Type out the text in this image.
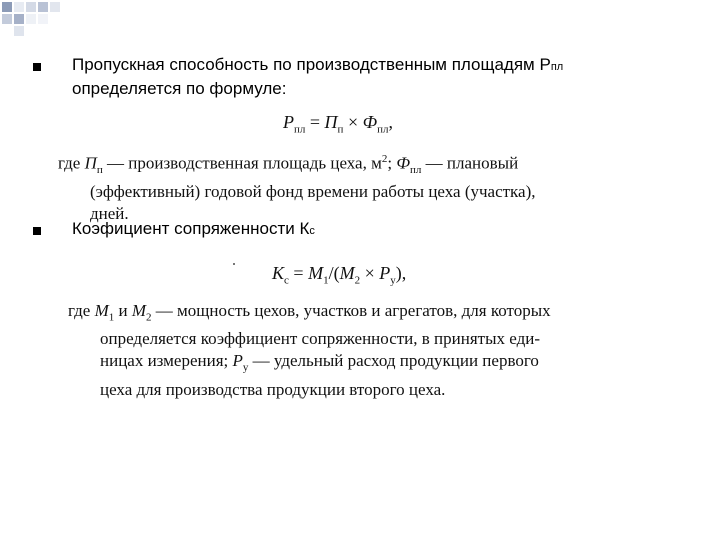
Пропускная способность по производственным площадям Рпл
определяется по формуле:
$P_{пл} = П_п \times Ф_{пл}$,
где $П_п$ — производственная площадь цеха, $м^2$; $Ф_{пл}$ — плановый
(эффективный) годовой фонд времени работы цеха (участка),
дней.
Коэфициент сопряженности Кс
$K_с = M_1/(M_2 \times P_у)$,
где $M_1$ и $M_2$ — мощность цехов, участков и агрегатов, для которых
определяется коэффициент сопряженности, в принятых еди-
ницах измерения; $P_у$ — удельный расход продукции первого
цеха для производства продукции второго цеха.
